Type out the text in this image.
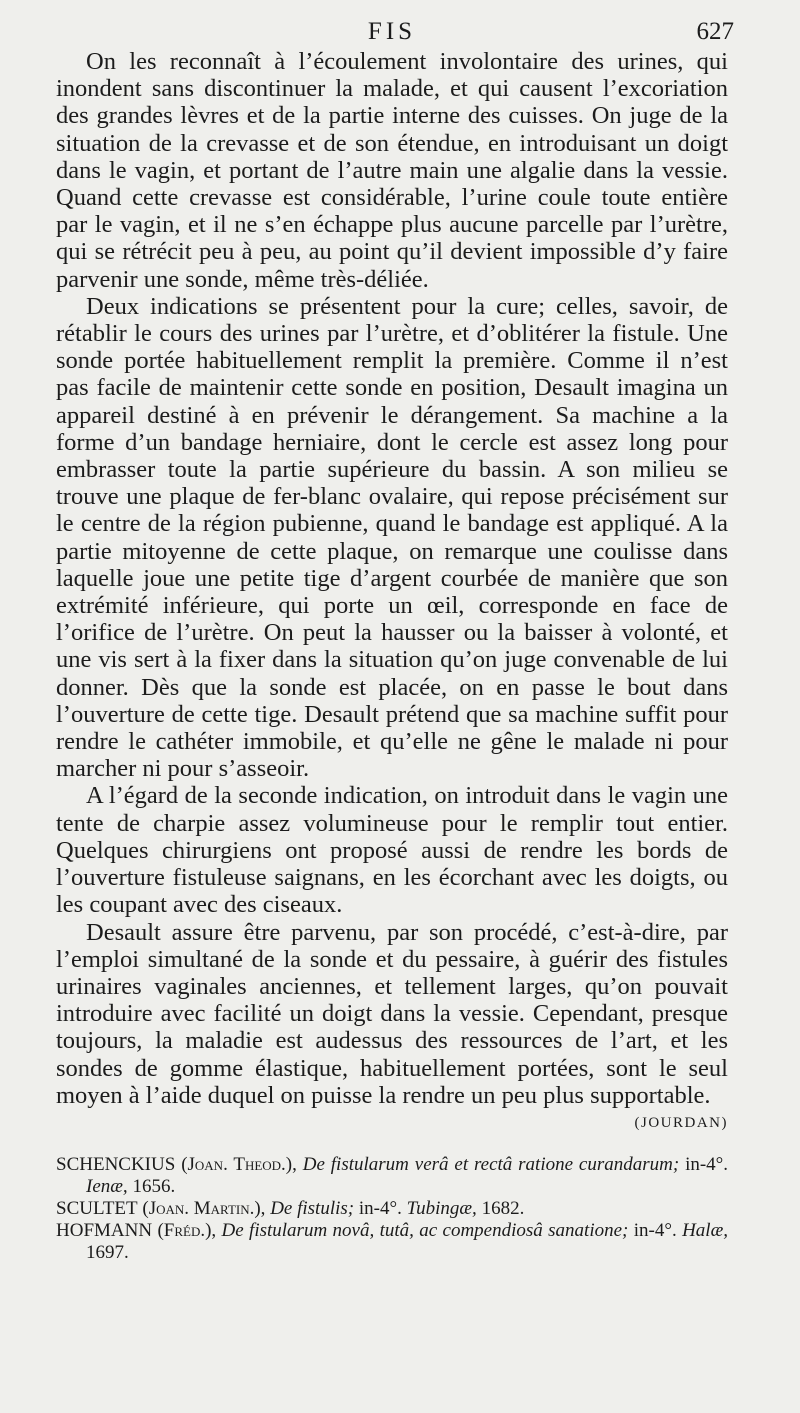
FIS	627

On les reconnaît à l’écoulement involontaire des urines, qui inondent sans discontinuer la malade, et qui causent l’excoriation des grandes lèvres et de la partie interne des cuisses. On juge de la situation de la crevasse et de son étendue, en introduisant un doigt dans le vagin, et portant de l’autre main une algalie dans la vessie. Quand cette crevasse est considérable, l’urine coule toute entière par le vagin, et il ne s’en échappe plus aucune parcelle par l’urètre, qui se rétrécit peu à peu, au point qu’il devient impossible d’y faire parvenir une sonde, même très-déliée.

Deux indications se présentent pour la cure; celles, savoir, de rétablir le cours des urines par l’urètre, et d’oblitérer la fistule. Une sonde portée habituellement remplit la première. Comme il n’est pas facile de maintenir cette sonde en position, Desault imagina un appareil destiné à en prévenir le dérangement. Sa machine a la forme d’un bandage herniaire, dont le cercle est assez long pour embrasser toute la partie supérieure du bassin. A son milieu se trouve une plaque de fer-blanc ovalaire, qui repose précisément sur le centre de la région pubienne, quand le bandage est appliqué. A la partie mitoyenne de cette plaque, on remarque une coulisse dans laquelle joue une petite tige d’argent courbée de manière que son extrémité inférieure, qui porte un œil, corresponde en face de l’orifice de l’urètre. On peut la hausser ou la baisser à volonté, et une vis sert à la fixer dans la situation qu’on juge convenable de lui donner. Dès que la sonde est placée, on en passe le bout dans l’ouverture de cette tige. Desault prétend que sa machine suffit pour rendre le cathéter immobile, et qu’elle ne gêne le malade ni pour marcher ni pour s’asseoir.

A l’égard de la seconde indication, on introduit dans le vagin une tente de charpie assez volumineuse pour le remplir tout entier. Quelques chirurgiens ont proposé aussi de rendre les bords de l’ouverture fistuleuse saignans, en les écorchant avec les doigts, ou les coupant avec des ciseaux.

Desault assure être parvenu, par son procédé, c’est-à-dire, par l’emploi simultané de la sonde et du pessaire, à guérir des fistules urinaires vaginales anciennes, et tellement larges, qu’on pouvait introduire avec facilité un doigt dans la vessie. Cependant, presque toujours, la maladie est audessus des ressources de l’art, et les sondes de gomme élastique, habituellement portées, sont le seul moyen à l’aide duquel on puisse la rendre un peu plus supportable.

(JOURDAN)
SCHENCKIUS (Joan. Theod.), De fistularum verâ et rectâ ratione curandarum; in-4°. Ienæ, 1656.
SCULTET (Joan. Martin.), De fistulis; in-4°. Tubingæ, 1682.
HOFMANN (Fréd.), De fistularum novâ, tutâ, ac compendiosâ sanatione; in-4°. Halæ, 1697.
